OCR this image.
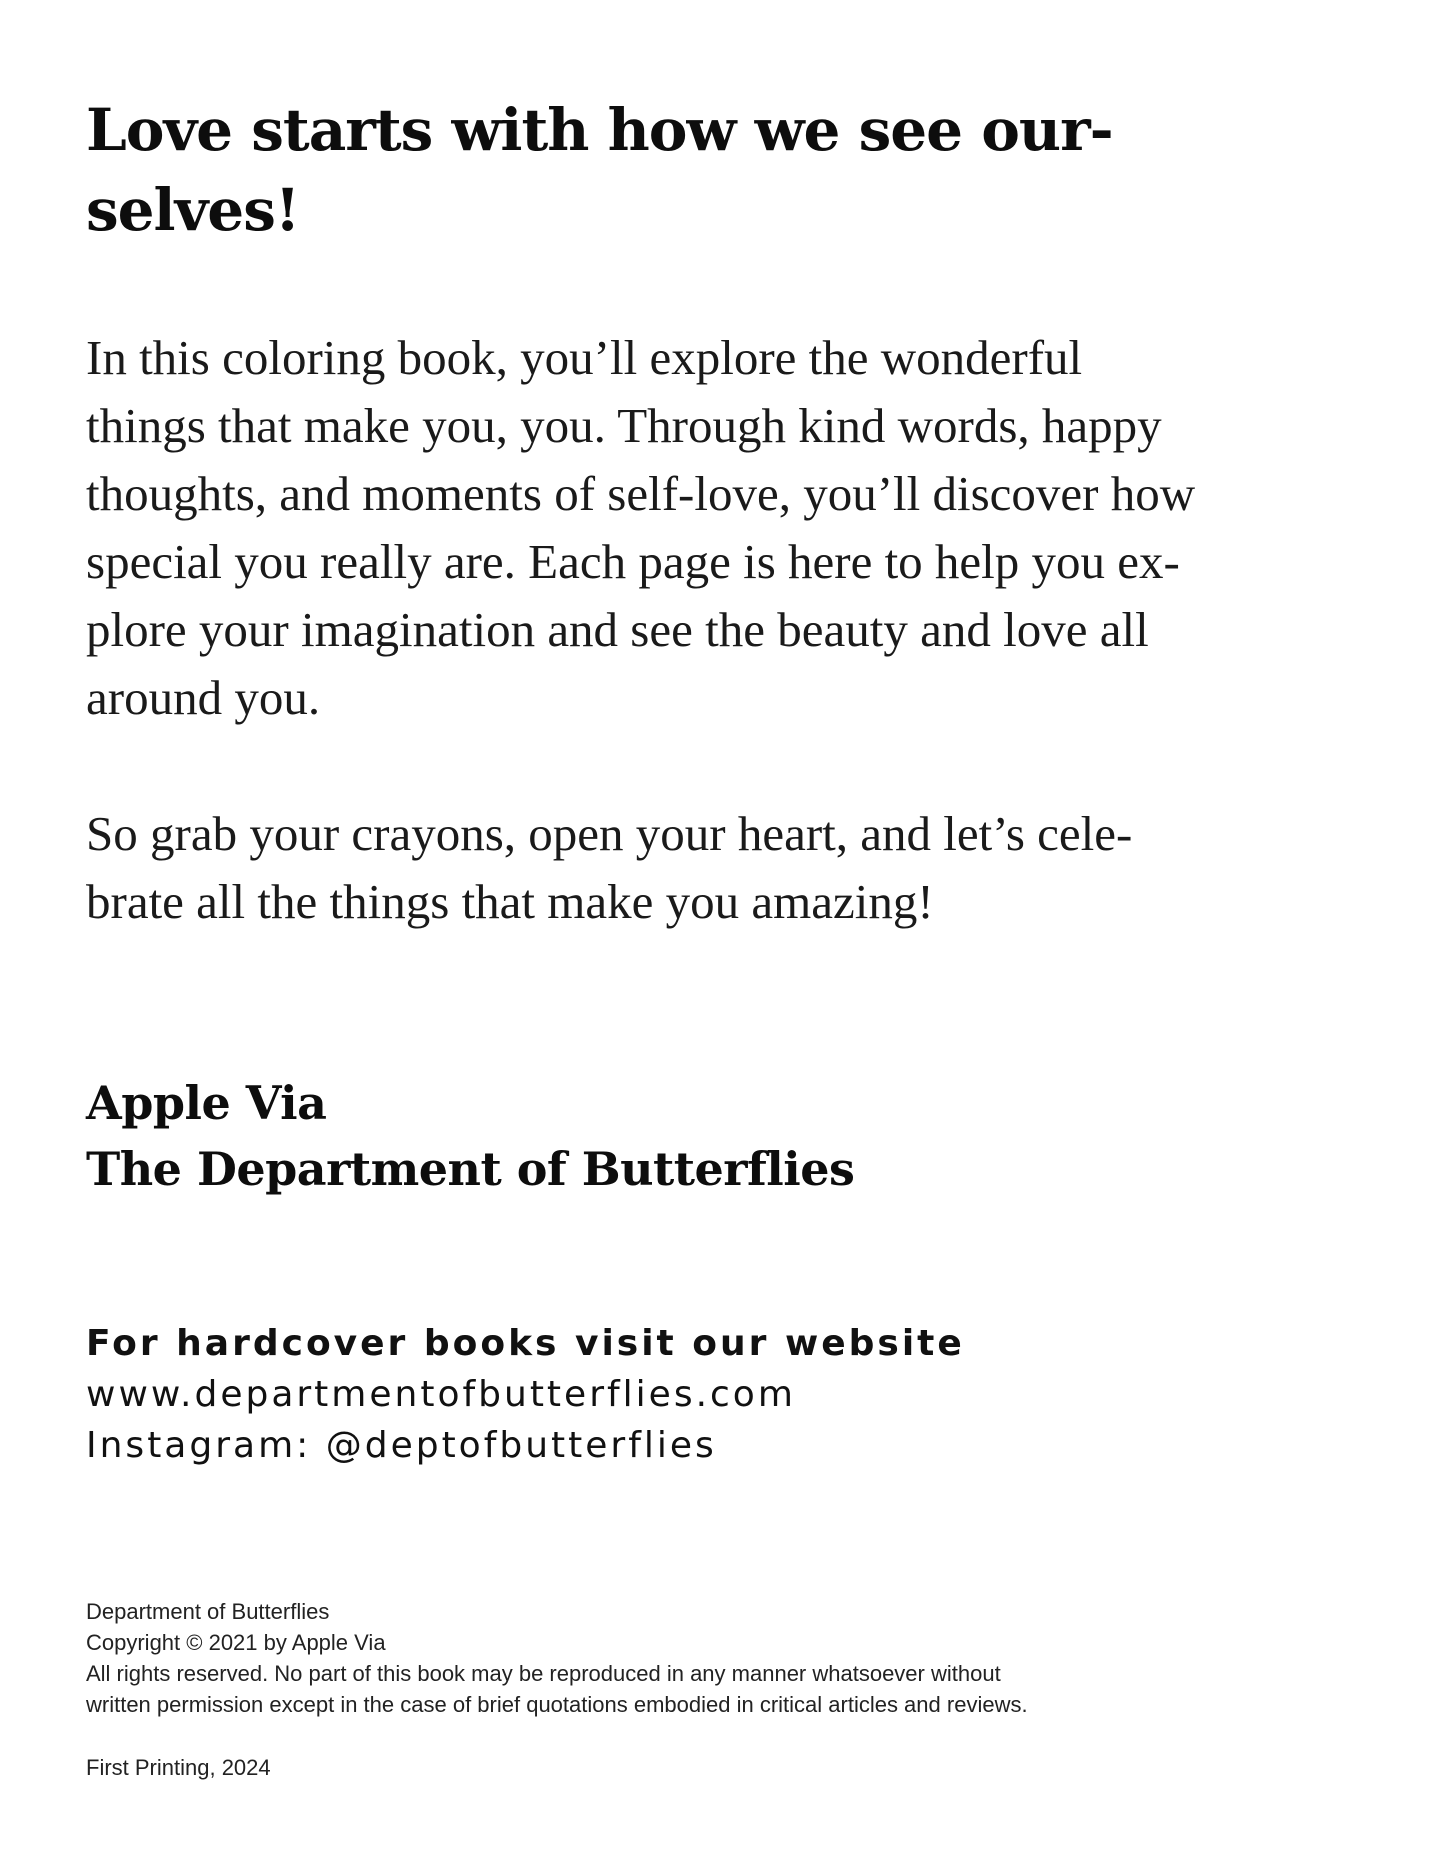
Love starts with how we see our-
selves!
In this coloring book, you’ll explore the wonderful
things that make you, you. Through kind words, happy
thoughts, and moments of self-love, you’ll discover how
special you really are. Each page is here to help you ex-
plore your imagination and see the beauty and love all
around you.
So grab your crayons, open your heart, and let’s cele-
brate all the things that make you amazing!
Apple Via
The Department of Butterflies
For hardcover books visit our website
www.departmentofbutterflies.com
Instagram: @deptofbutterflies
Department of Butterflies
Copyright © 2021 by Apple Via
All rights reserved. No part of this book may be reproduced in any manner whatsoever without
written permission except in the case of brief quotations embodied in critical articles and reviews.
First Printing, 2024
